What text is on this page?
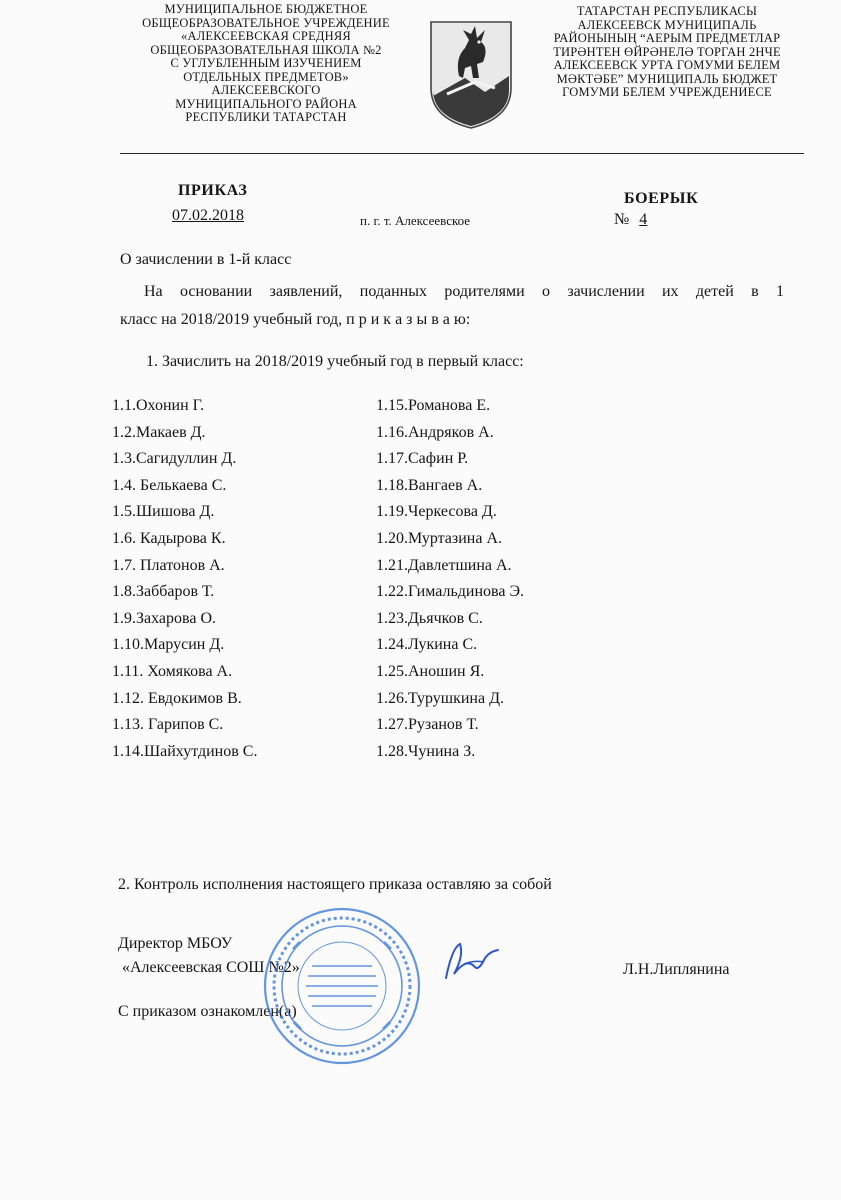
МУНИЦИПАЛЬНОЕ БЮДЖЕТНОЕ
ОБЩЕОБРАЗОВАТЕЛЬНОЕ УЧРЕЖДЕНИЕ
«АЛЕКСЕЕВСКАЯ СРЕДНЯЯ
ОБЩЕОБРАЗОВАТЕЛЬНАЯ ШКОЛА №2
С УГЛУБЛЕННЫМ ИЗУЧЕНИЕМ
ОТДЕЛЬНЫХ ПРЕДМЕТОВ»
АЛЕКСЕЕВСКОГО
МУНИЦИПАЛЬНОГО РАЙОНА
РЕСПУБЛИКИ ТАТАРСТАН
ТАТАРСТАН РЕСПУБЛИКАСЫ
АЛЕКСЕЕВСК МУНИЦИПАЛЬ
РАЙОНЫНЫҢ “АЕРЫМ ПРЕДМЕТЛАР
ТИРӘНТЕН ӨЙРӘНЕЛӘ ТОРГАН 2НЧЕ
АЛЕКСЕЕВСК УРТА ГОМУМИ БЕЛЕМ
МӘКТӘБЕ” МУНИЦИПАЛЬ БЮДЖЕТ
ГОМУМИ БЕЛЕМ УЧРЕЖДЕНИЕСЕ
ПРИКАЗ	БОЕРЫК
07.02.2018	п. г. т. Алексеевское	№ 4
О зачислении в 1-й класс
На основании заявлений, поданных родителями о зачислении их детей в 1
класс на 2018/2019 учебный год, п р и к а з ы в а ю:
1. Зачислить на 2018/2019 учебный год в первый класс:
1.1.Охонин Г.
1.2.Макаев Д.
1.3.Сагидуллин Д.
1.4. Белькаева С.
1.5.Шишова Д.
1.6. Кадырова К.
1.7. Платонов А.
1.8.Заббаров Т.
1.9.Захарова О.
1.10.Марусин Д.
1.11. Хомякова А.
1.12. Евдокимов В.
1.13. Гарипов С.
1.14.Шайхутдинов С.
1.15.Романова Е.
1.16.Андряков А.
1.17.Сафин Р.
1.18.Вангаев А.
1.19.Черкесова Д.
1.20.Муртазина А.
1.21.Давлетшина А.
1.22.Гимальдинова Э.
1.23.Дьячков С.
1.24.Лукина С.
1.25.Аношин Я.
1.26.Турушкина Д.
1.27.Рузанов Т.
1.28.Чунина З.
2. Контроль исполнения настоящего приказа оставляю за собой
Директор МБОУ
«Алексеевская СОШ №2»	Л.Н.Липлянина
С приказом ознакомлен(а)
